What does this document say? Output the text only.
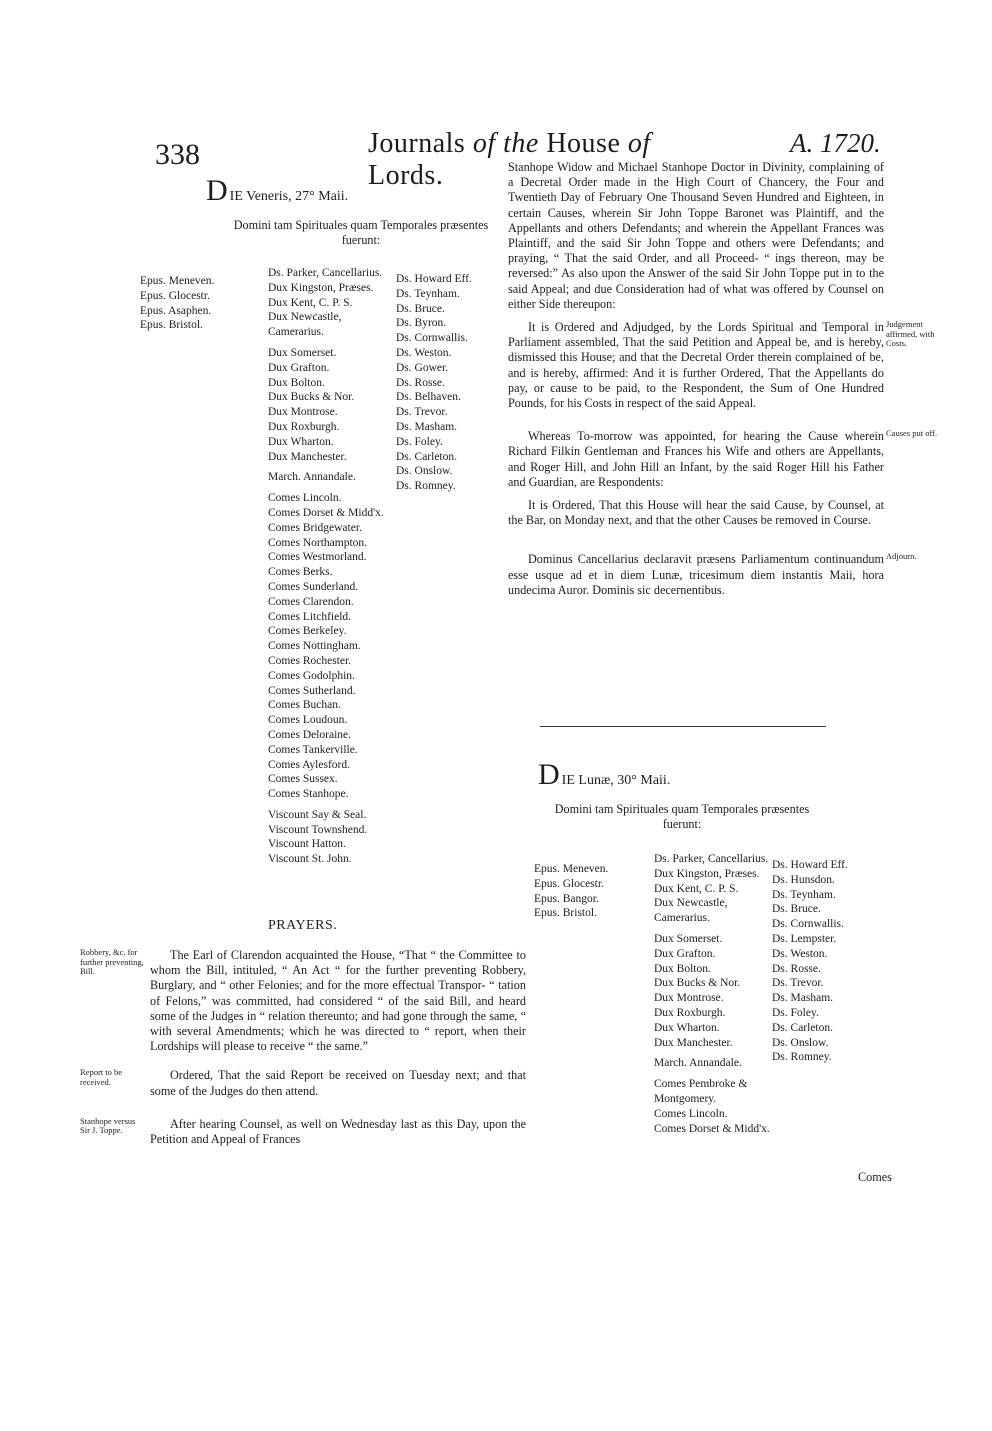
338	Journals of the House of Lords.
A. 1720.
DIE Veneris, 27° Maii.
Domini tam Spirituales quam Temporales præsentes fuerunt:
Epus. Meneven.
Epus. Glocestr.
Epus. Asaphen.
Epus. Bristol.
Ds. Parker, Cancellarius.
Dux Kingston, Præses.
Dux Kent, C. P. S.
Dux Newcastle, Camerarius.
Dux Somerset.
Dux Grafton.
Dux Bolton.
Dux Bucks & Nor.
Dux Montrose.
Dux Roxburgh.
Dux Wharton.
Dux Manchester.
March. Annandale.
Comes Lincoln.
Comes Dorset & Midd'x.
Comes Bridgewater.
Comes Northampton.
Comes Westmorland.
Comes Berks.
Comes Sunderland.
Comes Clarendon.
Comes Litchfield.
Comes Berkeley.
Comes Nottingham.
Comes Rochester.
Comes Godolphin.
Comes Sutherland.
Comes Buchan.
Comes Loudoun.
Comes Deloraine.
Comes Tankerville.
Comes Aylesford.
Comes Sussex.
Comes Stanhope.
Viscount Say & Seal.
Viscount Townshend.
Viscount Hatton.
Viscount St. John.
Ds. Howard Eff.
Ds. Teynham.
Ds. Bruce.
Ds. Byron.
Ds. Cornwallis.
Ds. Weston.
Ds. Gower.
Ds. Rosse.
Ds. Belhaven.
Ds. Trevor.
Ds. Masham.
Ds. Foley.
Ds. Carleton.
Ds. Onslow.
Ds. Romney.
PRAYERS.
Robbery, &c. for further preventing, Bill.

The Earl of Clarendon acquainted the House, “That “ the Committee to whom the Bill, intituled, “ An Act “ for the further preventing Robbery, Burglary, and “ other Felonies; and for the more effectual Transpor- “ tation of Felons,” was committed, had considered “ of the said Bill, and heard some of the Judges in “ relation thereunto; and had gone through the same, “ with several Amendments; which he was directed to “ report, when their Lordships will please to receive “ the same.”

Report to be received.	Ordered, That the said Report be received on Tuesday next; and that some of the Judges do then attend.

Stanhope versus Sir J. Toppe.	After hearing Counsel, as well on Wednesday last as this Day, upon the Petition and Appeal of Frances

Stanhope Widow and Michael Stanhope Doctor in Divinity, complaining of a Decretal Order made in the High Court of Chancery, the Four and Twentieth Day of February One Thousand Seven Hundred and Eighteen, in certain Causes, wherein Sir John Toppe Baronet was Plaintiff, and the Appellants and others Defendants; and wherein the Appellant Frances was Plaintiff, and the said Sir John Toppe and others were Defendants; and praying, “ That the said Order, and all Proceed- “ ings thereon, may be reversed:” As also upon the Answer of the said Sir John Toppe put in to the said Appeal; and due Consideration had of what was offered by Counsel on either Side thereupon:

Judgement affirmed, with Costs.

It is Ordered and Adjudged, by the Lords Spiritual and Temporal in Parliament assembled, That the said Petition and Appeal be, and is hereby, dismissed this House; and that the Decretal Order therein complained of be, and is hereby, affirmed: And it is further Ordered, That the Appellants do pay, or cause to be paid, to the Respondent, the Sum of One Hundred Pounds, for his Costs in respect of the said Appeal.

Causes put off.

Whereas To-morrow was appointed, for hearing the Cause wherein Richard Filkin Gentleman and Frances his Wife and others are Appellants, and Roger Hill, and John Hill an Infant, by the said Roger Hill his Father and Guardian, are Respondents:

It is Ordered, That this House will hear the said Cause, by Counsel, at the Bar, on Monday next, and that the other Causes be removed in Course.

Adjourn.

Dominus Cancellarius declaravit præsens Parliamentum continuandum esse usque ad et in diem Lunæ, tricesimum diem instantis Maii, hora undecima Auror. Dominis sic decernentibus.

DIE Lunæ, 30° Maii.
Domini tam Spirituales quam Temporales præsentes fuerunt:
Epus. Meneven.
Epus. Glocestr.
Epus. Bangor.
Epus. Bristol.
Ds. Parker, Cancellarius.
Dux Kingston, Præses.
Dux Kent, C. P. S.
Dux Newcastle, Camerarius.
Dux Somerset.
Dux Grafton.
Dux Bolton.
Dux Bucks & Nor.
Dux Montrose.
Dux Roxburgh.
Dux Wharton.
Dux Manchester.
March. Annandale.
Comes Pembroke & Montgomery.
Comes Lincoln.
Comes Dorset & Midd'x.
Ds. Howard Eff.
Ds. Hunsdon.
Ds. Teynham.
Ds. Bruce.
Ds. Cornwallis.
Ds. Lempster.
Ds. Weston.
Ds. Rosse.
Ds. Trevor.
Ds. Masham.
Ds. Foley.
Ds. Carleton.
Ds. Onslow.
Ds. Romney.
Comes
